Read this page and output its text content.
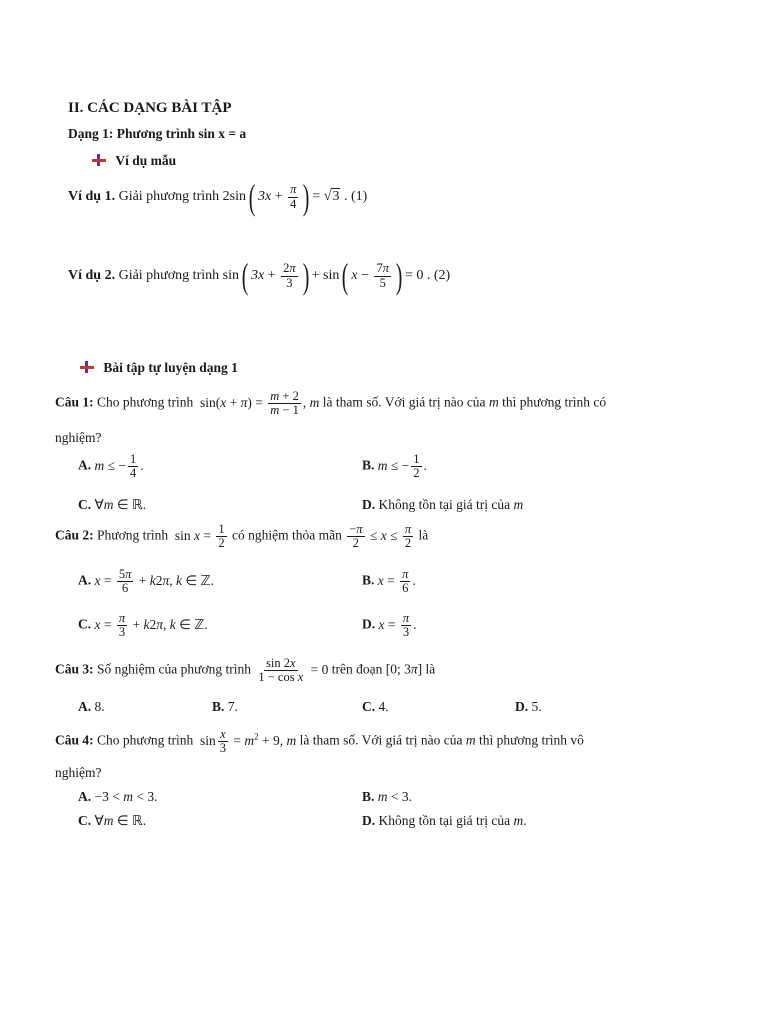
II. CÁC DẠNG BÀI TẬP
Dạng 1: Phương trình sin x = a
Ví dụ mẫu
Ví dụ 1. Giải phương trình 2sin( $3x + \frac{\pi}{4}$ ) = √3 . (1)
Ví dụ 2. Giải phương trình sin( $3x + \frac{2\pi}{3}$ ) + sin( $x - \frac{7\pi}{5}$ ) = 0 . (2)
Bài tập tự luyện dạng 1
Câu 1: Cho phương trình  $\sin(x + \pi) = \frac{m + 2}{m - 1}$ , m là tham số. Với giá trị nào của m thì phương trình có
nghiệm?
A. m ≤ − $\frac{1}{4}$ .	B. m ≤ − $\frac{1}{2}$ .
C. ∀m ∈ ℝ.	D. Không tồn tại giá trị của m
Câu 2: Phương trình  $\sin x = \frac{1}{2}$ có nghiệm thỏa mãn $\frac{-\pi}{2} \le x \le \frac{\pi}{2}$ là
A. $x = \frac{5\pi}{6} + k2\pi$, k ∈ ℤ.	B. $x = \frac{\pi}{6}$ .
C. $x = \frac{\pi}{3} + k2\pi$, k ∈ ℤ.	D. $x = \frac{\pi}{3}$ .
Câu 3: Số nghiệm của phương trình $\frac{\sin 2x}{\text{1 − cos x}} = 0$ trên đoạn [0; 3π] là
A. 8.	B. 7.	C. 4.	D. 5.
Câu 4: Cho phương trình  $\sin \frac{x}{3} = m^2 + 9$, m là tham số. Với giá trị nào của m thì phương trình vô
nghiệm?
A. −3 < m < 3.	B. m < 3.
C. ∀m ∈ ℝ.	D. Không tồn tại giá trị của m.
